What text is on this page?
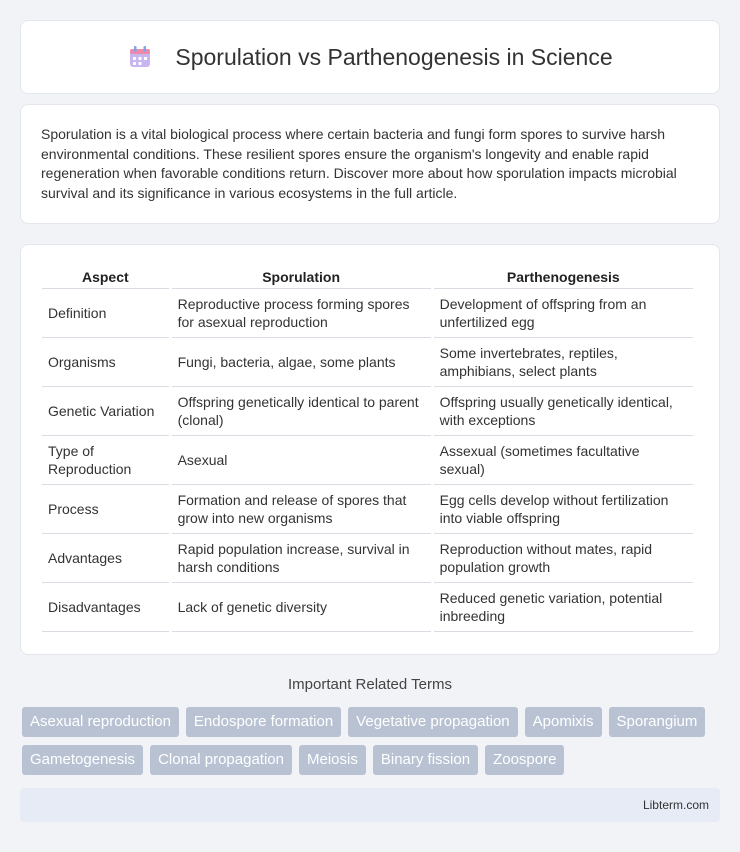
Sporulation vs Parthenogenesis in Science

Sporulation is a vital biological process where certain bacteria and fungi form spores to survive harsh environmental conditions. These resilient spores ensure the organism's longevity and enable rapid regeneration when favorable conditions return. Discover more about how sporulation impacts microbial survival and its significance in various ecosystems in the full article.

Aspect	Sporulation	Parthenogenesis
Definition	Reproductive process forming spores for asexual reproduction	Development of offspring from an unfertilized egg
Organisms	Fungi, bacteria, algae, some plants	Some invertebrates, reptiles, amphibians, select plants
Genetic Variation	Offspring genetically identical to parent (clonal)	Offspring usually genetically identical, with exceptions
Type of Reproduction	Asexual	Assexual (sometimes facultative sexual)
Process	Formation and release of spores that grow into new organisms	Egg cells develop without fertilization into viable offspring
Advantages	Rapid population increase, survival in harsh conditions	Reproduction without mates, rapid population growth
Disadvantages	Lack of genetic diversity	Reduced genetic variation, potential inbreeding
Important Related Terms
Asexual reproduction	Endospore formation	Vegetative propagation	Apomixis	Sporangium
Gametogenesis	Clonal propagation	Meiosis	Binary fission	Zoospore
Libterm.com
